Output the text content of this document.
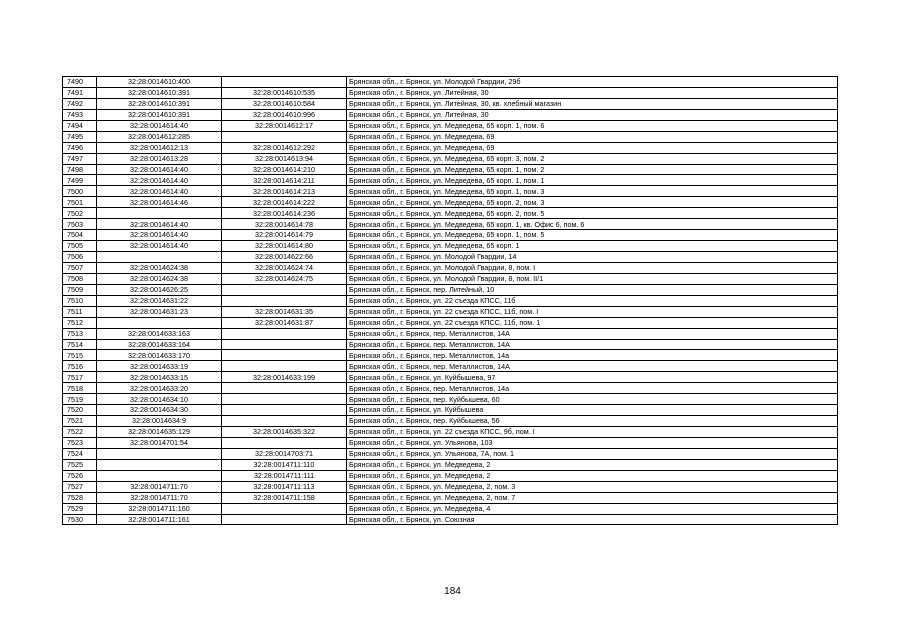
7490	32:28:0014610:400		Брянская обл., г. Брянск, ул. Молодой Гвардии, 29б
7491	32:28:0014610:391	32:28:0014610:535	Брянская обл., г. Брянск, ул. Литейная, 30
7492	32:28:0014610:391	32:28:0014610:584	Брянская обл., г. Брянск, ул. Литейная, 30, кв. хлебный магазин
7493	32:28:0014610:391	32:28:0014610:996	Брянская обл., г. Брянск, ул. Литейная, 30
7494	32:28:0014614:40	32:28:0014612:17	Брянская обл., г. Брянск, ул. Медведева, 65 корп. 1, пом. 6
7495	32:28:0014612:285		Брянская обл., г. Брянск, ул. Медведева, 69
7496	32:28:0014612:13	32:28:0014612:292	Брянская обл., г. Брянск, ул. Медведева, 69
7497	32:28:0014613:28	32:28:0014613:94	Брянская обл., г. Брянск, ул. Медведева, 65 корп. 3, пом. 2
7498	32:28:0014614:40	32:28:0014614:210	Брянская обл., г. Брянск, ул. Медведева, 65 корп. 1, пом. 2
7499	32:28:0014614:40	32:28:0014614:211	Брянская обл., г. Брянск, ул. Медведева, 65 корп. 1, пом. 1
7500	32:28:0014614:40	32:28:0014614:213	Брянская обл., г. Брянск, ул. Медведева, 65 корп. 1, пом. 3
7501	32:28:0014614:46	32:28:0014614:222	Брянская обл., г. Брянск, ул. Медведева, 65 корп. 2, пом. 3
7502		32:28:0014614:236	Брянская обл., г. Брянск, ул. Медведева, 65 корп. 2, пом. 5
7503	32:28:0014614:40	32:28:0014614:78	Брянская обл., г. Брянск, ул. Медведева, 65 корп. 1, кв. Офис 6, пом. 6
7504	32:28:0014614:40	32:28:0014614:79	Брянская обл., г. Брянск, ул. Медведева, 65 корп. 1, пом. 5
7505	32:28:0014614:40	32:28:0014614:80	Брянская обл., г. Брянск, ул. Медведева, 65 корп. 1
7506		32:28:0014622:66	Брянская обл., г. Брянск, ул. Молодой Гвардии, 14
7507	32:28:0014624:38	32:28:0014624:74	Брянская обл., г. Брянск, ул. Молодой Гвардии, 8, пом. I
7508	32:28:0014624:38	32:28:0014624:75	Брянская обл., г. Брянск, ул. Молодой Гвардии, 8, пом. II/1
7509	32:28:0014626:25		Брянская обл., г. Брянск, пер. Литейный, 10
7510	32:28:0014631:22		Брянская обл., г. Брянск, ул. 22 съезда КПСС, 11б
7511	32:28:0014631:23	32:28:0014631:35	Брянская обл., г. Брянск, ул. 22 съезда КПСС, 11б, пом. I
7512		32:28:0014631:87	Брянская обл., г. Брянск, ул. 22 съезда КПСС, 11б, пом. 1
7513	32:28:0014633:163		Брянская обл., г. Брянск, пер. Металлистов, 14А
7514	32:28:0014633:164		Брянская обл., г. Брянск, пер. Металлистов, 14А
7515	32:28:0014633:170		Брянская обл., г. Брянск, пер. Металлистов, 14а
7516	32:28:0014633:19		Брянская обл., г. Брянск, пер. Металлистов, 14А
7517	32:28:0014633:15	32:28:0014633:199	Брянская обл., г. Брянск, ул. Куйбышева, 97
7518	32:28:0014633:20		Брянская обл., г. Брянск, пер. Металлистов, 14а
7519	32:28:0014634:10		Брянская обл., г. Брянск, пер. Куйбышева, 60
7520	32:28:0014634:30		Брянская обл., г. Брянск, ул. Куйбышева
7521	32:28:0014634:9		Брянская обл., г. Брянск, пер. Куйбышева, 56
7522	32:28:0014635:129	32:28:0014635:322	Брянская обл., г. Брянск, ул. 22 съезда КПСС, 9б, пом. I
7523	32:28:0014701:54		Брянская обл., г. Брянск, ул. Ульянова, 103
7524		32:28:0014703:71	Брянская обл., г. Брянск, ул. Ульянова, 7А, пом. 1
7525		32:28:0014711:110	Брянская обл., г. Брянск, ул. Медведева, 2
7526		32:28:0014711:111	Брянская обл., г. Брянск, ул. Медведева, 2
7527	32:28:0014711:70	32:28:0014711:113	Брянская обл., г. Брянск, ул. Медведева, 2, пом. 3
7528	32:28:0014711:70	32:28:0014711:158	Брянская обл., г. Брянск, ул. Медведева, 2, пом. 7
7529	32:28:0014711:160		Брянская обл., г. Брянск, ул. Медведева, 4
7530	32:28:0014711:161		Брянская обл., г. Брянск, ул. Союзная
184
